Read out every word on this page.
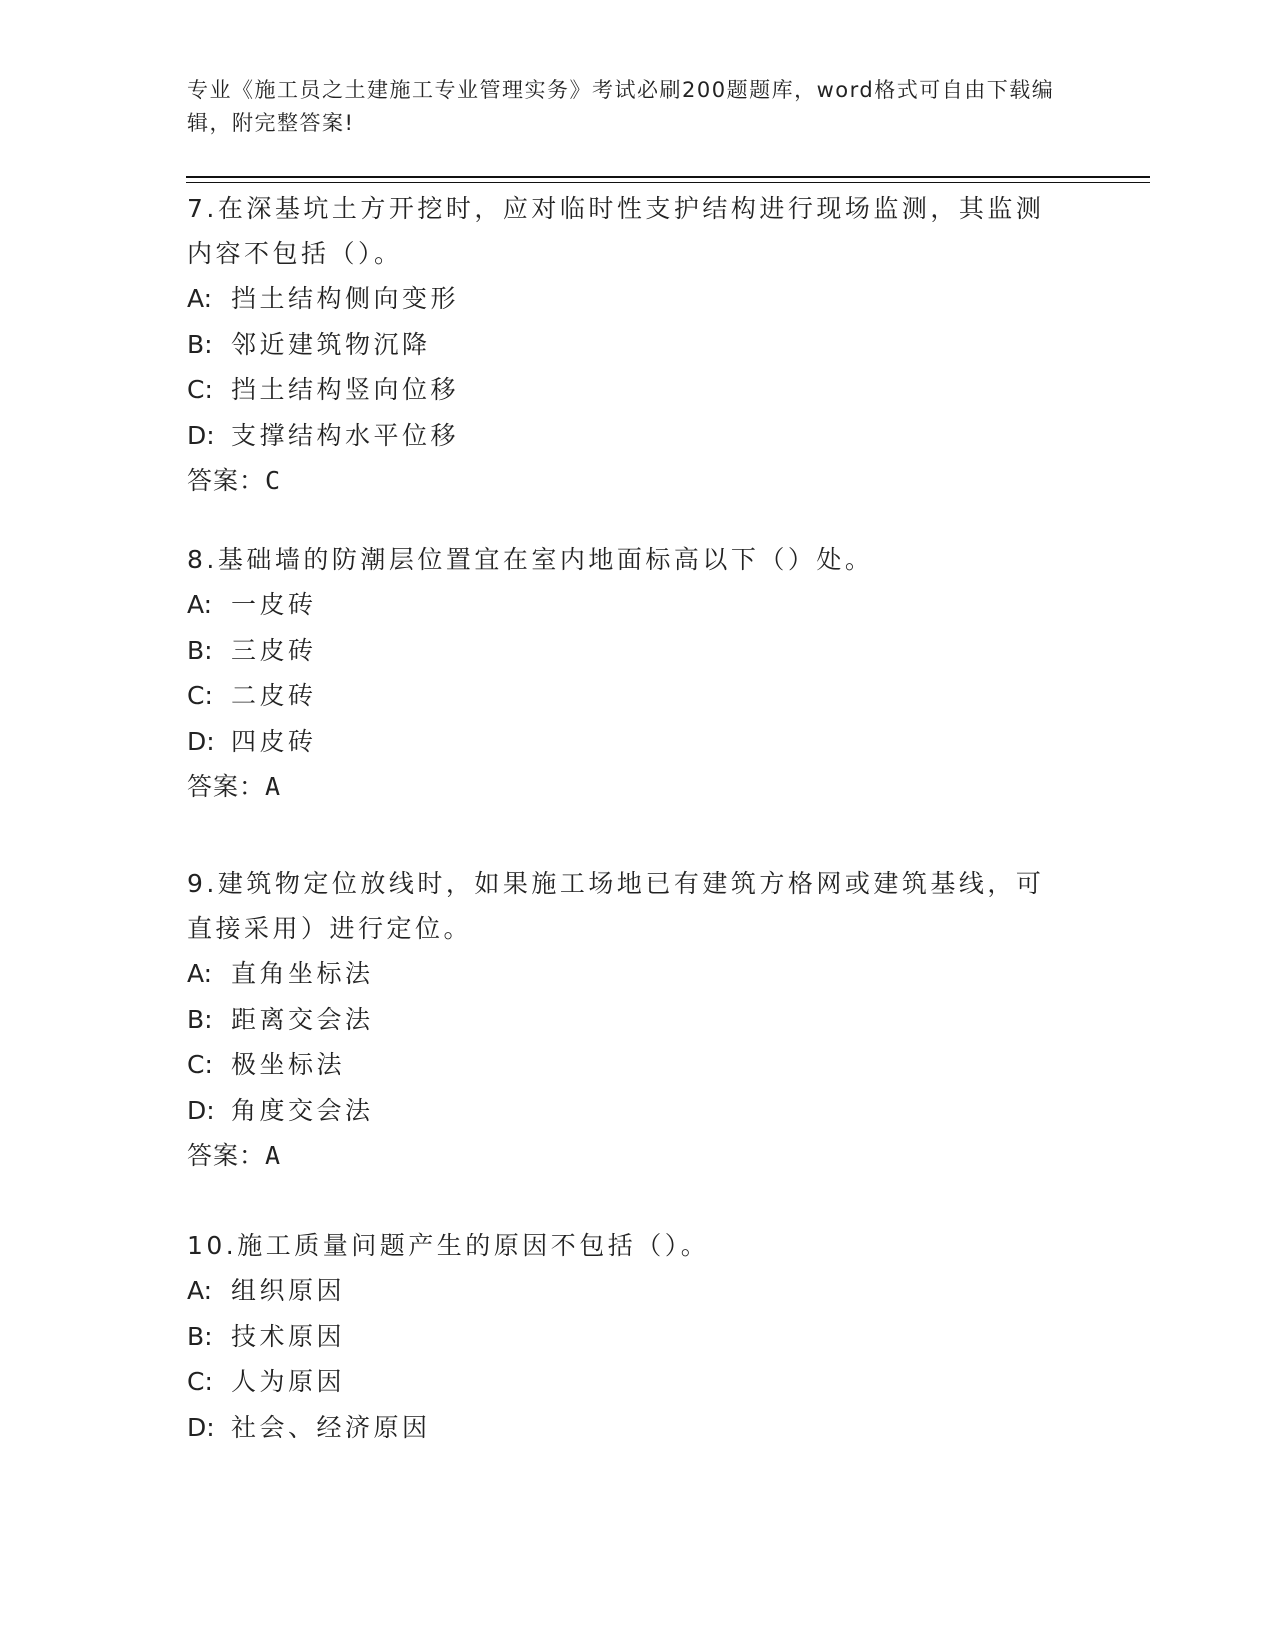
专业《施工员之土建施工专业管理实务》考试必刷200题题库，word格式可自由下载编辑，附完整答案!

7.在深基坑土方开挖时，应对临时性支护结构进行现场监测，其监测内容不包括（）。

A: 挡土结构侧向变形

B: 邻近建筑物沉降

C: 挡土结构竖向位移

D: 支撑结构水平位移

答案：C

8.基础墙的防潮层位置宜在室内地面标高以下（）处。

A: 一皮砖

B: 三皮砖

C: 二皮砖

D: 四皮砖

答案：A

9.建筑物定位放线时，如果施工场地已有建筑方格网或建筑基线，可直接采用）进行定位。

A: 直角坐标法

B: 距离交会法

C: 极坐标法

D: 角度交会法

答案：A

10.施工质量问题产生的原因不包括（）。

A: 组织原因

B: 技术原因

C: 人为原因

D: 社会、经济原因
